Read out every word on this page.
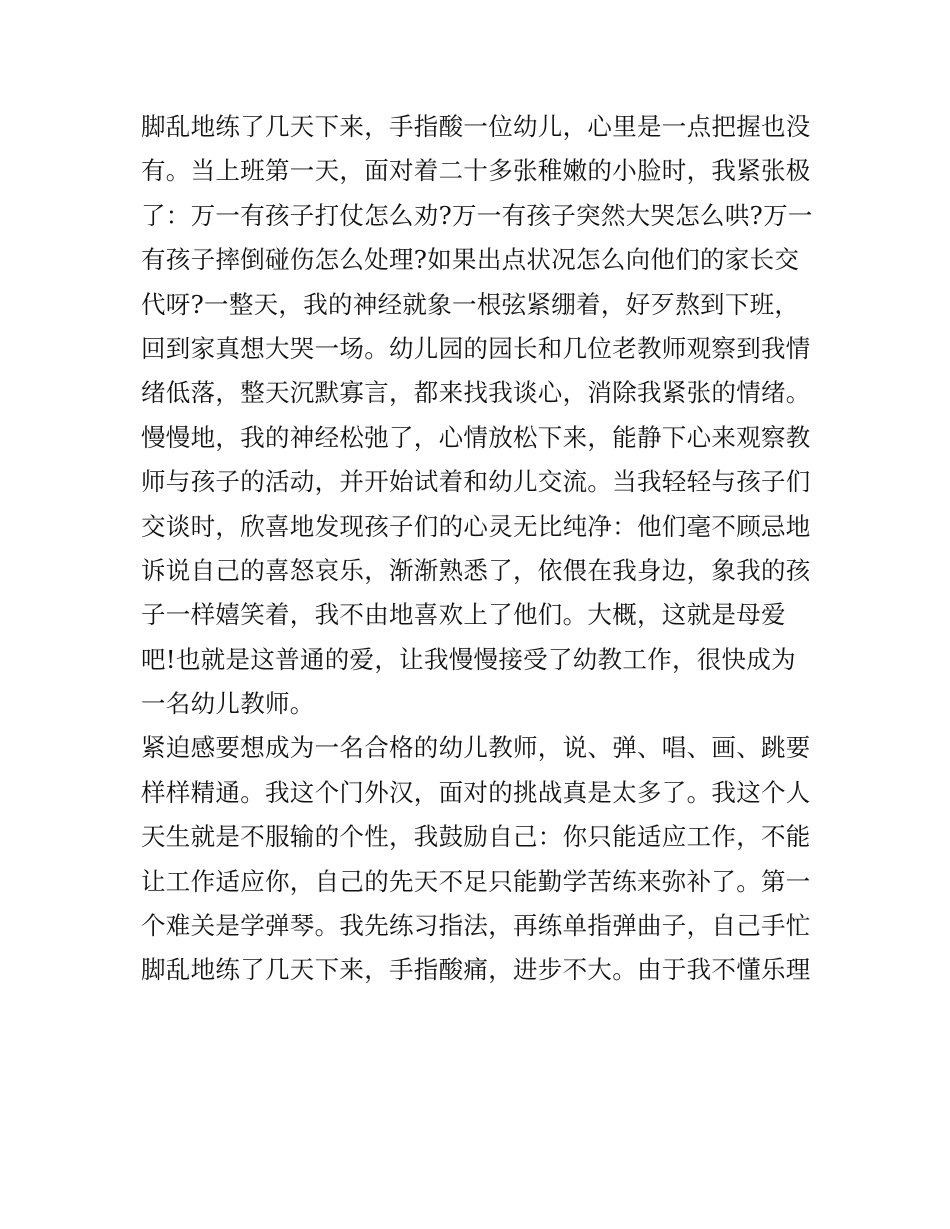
脚乱地练了几天下来，手指酸一位幼儿，心里是一点把握也没
有。当上班第一天，面对着二十多张稚嫩的小脸时，我紧张极
了：万一有孩子打仗怎么劝?万一有孩子突然大哭怎么哄?万一
有孩子摔倒碰伤怎么处理?如果出点状况怎么向他们的家长交
代呀?一整天，我的神经就象一根弦紧绷着，好歹熬到下班，
回到家真想大哭一场。幼儿园的园长和几位老教师观察到我情
绪低落，整天沉默寡言，都来找我谈心，消除我紧张的情绪。
慢慢地，我的神经松弛了，心情放松下来，能静下心来观察教
师与孩子的活动，并开始试着和幼儿交流。当我轻轻与孩子们
交谈时，欣喜地发现孩子们的心灵无比纯净：他们毫不顾忌地
诉说自己的喜怒哀乐，渐渐熟悉了，依偎在我身边，象我的孩
子一样嬉笑着，我不由地喜欢上了他们。大概，这就是母爱
吧!也就是这普通的爱，让我慢慢接受了幼教工作，很快成为
一名幼儿教师。
紧迫感要想成为一名合格的幼儿教师，说、弹、唱、画、跳要
样样精通。我这个门外汉，面对的挑战真是太多了。我这个人
天生就是不服输的个性，我鼓励自己：你只能适应工作，不能
让工作适应你，自己的先天不足只能勤学苦练来弥补了。第一
个难关是学弹琴。我先练习指法，再练单指弹曲子，自己手忙
脚乱地练了几天下来，手指酸痛，进步不大。由于我不懂乐理
